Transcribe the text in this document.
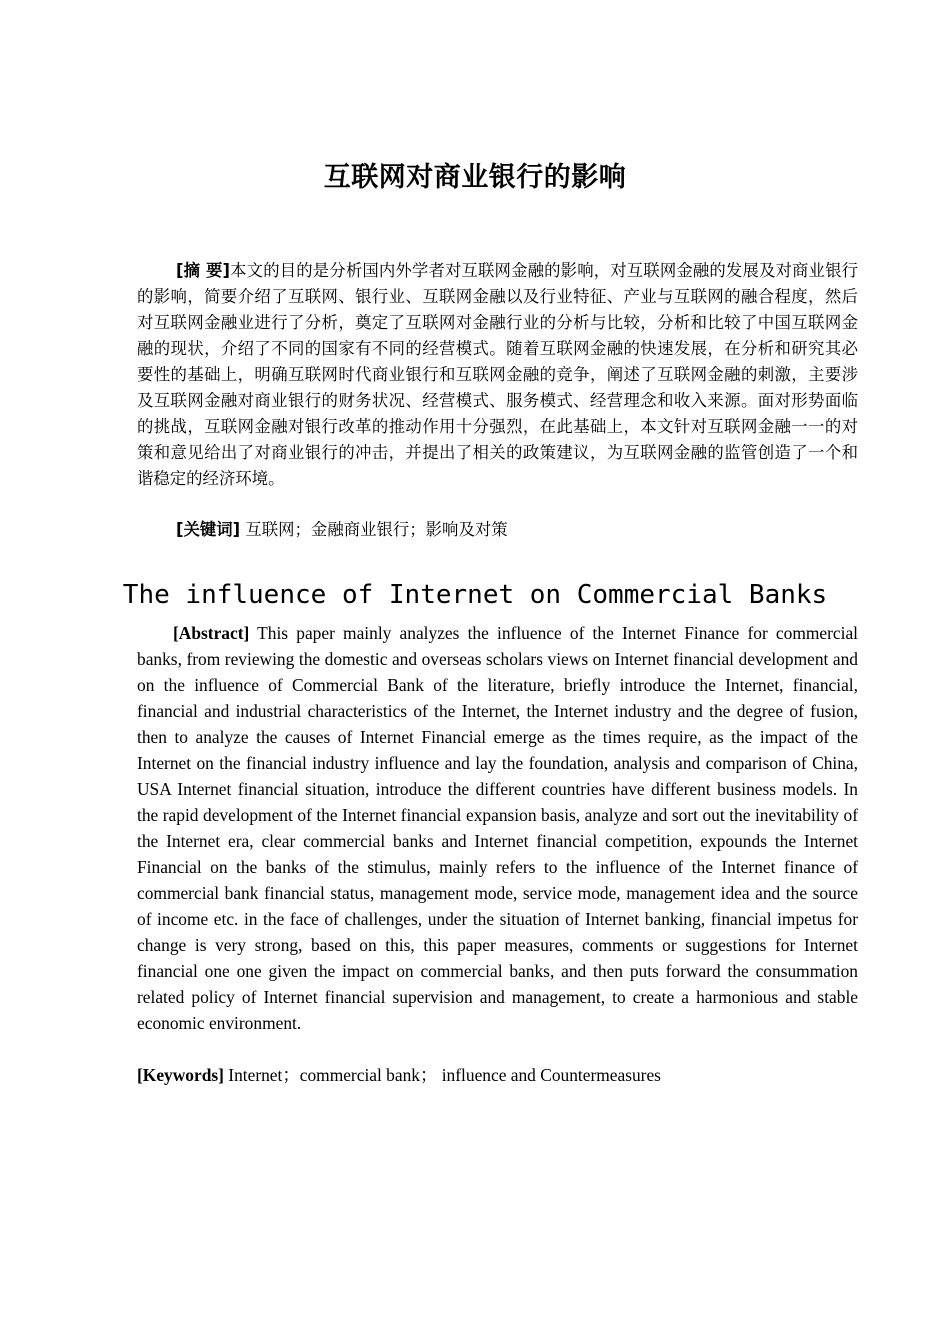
互联网对商业银行的影响

[摘 要]本文的目的是分析国内外学者对互联网金融的影响，对互联网金融的发展及对商业银行的影响，简要介绍了互联网、银行业、互联网金融以及行业特征、产业与互联网的融合程度，然后对互联网金融业进行了分析，奠定了互联网对金融行业的分析与比较，分析和比较了中国互联网金融的现状，介绍了不同的国家有不同的经营模式。随着互联网金融的快速发展，在分析和研究其必要性的基础上，明确互联网时代商业银行和互联网金融的竞争，阐述了互联网金融的刺激，主要涉及互联网金融对商业银行的财务状况、经营模式、服务模式、经营理念和收入来源。面对形势面临的挑战，互联网金融对银行改革的推动作用十分强烈，在此基础上，本文针对互联网金融一一的对策和意见给出了对商业银行的冲击，并提出了相关的政策建议，为互联网金融的监管创造了一个和谐稳定的经济环境。

[关键词] 互联网；金融商业银行；影响及对策

The influence of Internet on Commercial Banks

[Abstract] This paper mainly analyzes the influence of the Internet Finance for commercial banks, from reviewing the domestic and overseas scholars views on Internet financial development and on the influence of Commercial Bank of the literature, briefly introduce the Internet, financial, financial and industrial characteristics of the Internet, the Internet industry and the degree of fusion, then to analyze the causes of Internet Financial emerge as the times require, as the impact of the Internet on the financial industry influence and lay the foundation, analysis and comparison of China, USA Internet financial situation, introduce the different countries have different business models. In the rapid development of the Internet financial expansion basis, analyze and sort out the inevitability of the Internet era, clear commercial banks and Internet financial competition, expounds the Internet Financial on the banks of the stimulus, mainly refers to the influence of the Internet finance of commercial bank financial status, management mode, service mode, management idea and the source of income etc. in the face of challenges, under the situation of Internet banking, financial impetus for change is very strong, based on this, this paper measures, comments or suggestions for Internet financial one one given the impact on commercial banks, and then puts forward the consummation related policy of Internet financial supervision and management, to create a harmonious and stable economic environment.

[Keywords] Internet；commercial bank； influence and Countermeasures
